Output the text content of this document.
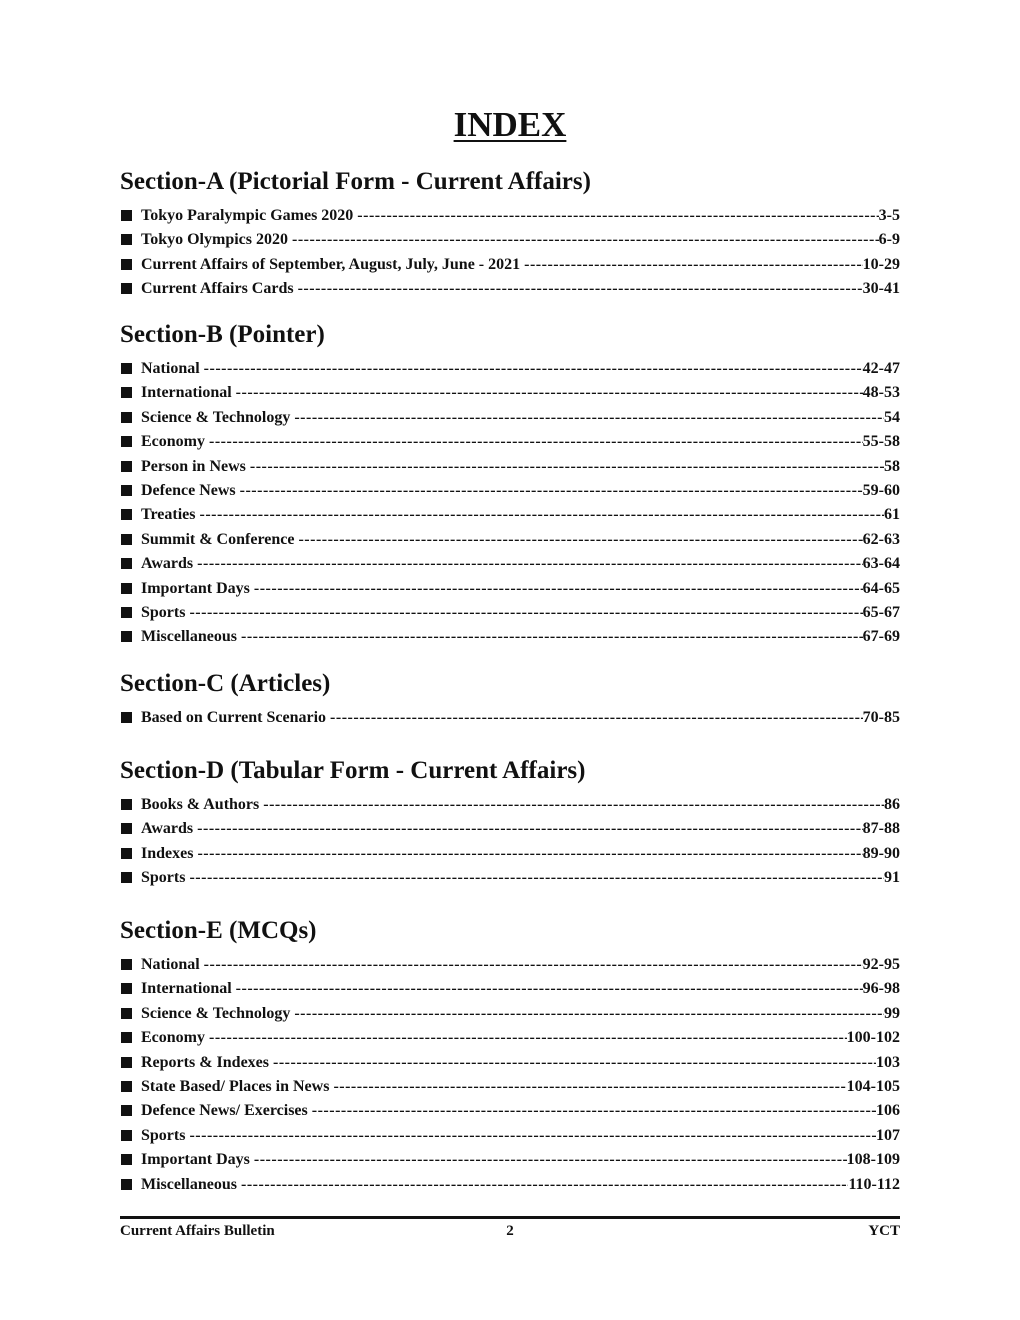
INDEX
Section-A (Pictorial Form - Current Affairs)
Tokyo Paralympic Games 2020 -----	3-5
Tokyo Olympics 2020 -----	6-9
Current Affairs of September, August, July, June - 2021 -----	10-29
Current Affairs Cards -----	30-41
Section-B (Pointer)
National -----	42-47
International -----	48-53
Science & Technology -----	54
Economy -----	55-58
Person in News -----	58
Defence News -----	59-60
Treaties -----	61
Summit & Conference -----	62-63
Awards -----	63-64
Important Days -----	64-65
Sports -----	65-67
Miscellaneous -----	67-69
Section-C (Articles)
Based on Current Scenario -----	70-85
Section-D (Tabular Form - Current Affairs)
Books & Authors -----	86
Awards -----	87-88
Indexes -----	89-90
Sports -----	91
Section-E (MCQs)
National -----	92-95
International -----	96-98
Science & Technology -----	99
Economy -----	100-102
Reports & Indexes -----	103
State Based/ Places in News -----	104-105
Defence News/ Exercises -----	106
Sports -----	107
Important Days -----	108-109
Miscellaneous -----	110-112
2
Current Affairs Bulletin	YCT
